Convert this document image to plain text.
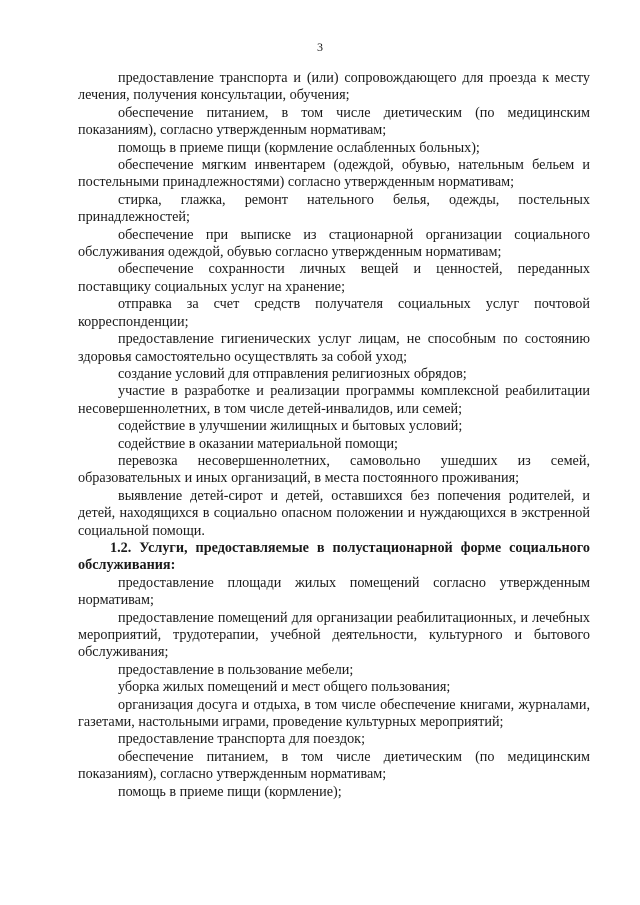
3

предоставление транспорта и (или) сопровождающего для проезда к месту лечения, получения консультации, обучения;

обеспечение питанием, в том числе диетическим (по медицинским показаниям), согласно утвержденным нормативам;

помощь в приеме пищи (кормление ослабленных больных);

обеспечение мягким инвентарем (одеждой, обувью, нательным бельем и постельными принадлежностями) согласно утвержденным нормативам;

стирка, глажка, ремонт нательного белья, одежды, постельных принадлежностей;

обеспечение при выписке из стационарной организации социального обслуживания одеждой, обувью согласно утвержденным нормативам;

обеспечение сохранности личных вещей и ценностей, переданных поставщику социальных услуг на хранение;

отправка за счет средств получателя социальных услуг почтовой корреспонденции;

предоставление гигиенических услуг лицам, не способным по состоянию здоровья самостоятельно осуществлять за собой уход;

создание условий для отправления религиозных обрядов;

участие в разработке и реализации программы комплексной реабилитации несовершеннолетних, в том числе детей-инвалидов, или семей;

содействие в улучшении жилищных и бытовых условий;

содействие в оказании материальной помощи;

перевозка несовершеннолетних, самовольно ушедших из семей, образовательных и иных организаций, в места постоянного проживания;

выявление детей-сирот и детей, оставшихся без попечения родителей, и детей, находящихся в социально опасном положении и нуждающихся в экстренной социальной помощи.

1.2. Услуги, предоставляемые в полустационарной форме социального обслуживания:

предоставление площади жилых помещений согласно утвержденным нормативам;

предоставление помещений для организации реабилитационных, и лечебных мероприятий, трудотерапии, учебной деятельности, культурного и бытового обслуживания;

предоставление в пользование мебели;

уборка жилых помещений и мест общего пользования;

организация досуга и отдыха, в том числе обеспечение книгами, журналами, газетами, настольными играми, проведение культурных мероприятий;

предоставление транспорта для поездок;

обеспечение питанием, в том числе диетическим (по медицинским показаниям), согласно утвержденным нормативам;

помощь в приеме пищи (кормление);
